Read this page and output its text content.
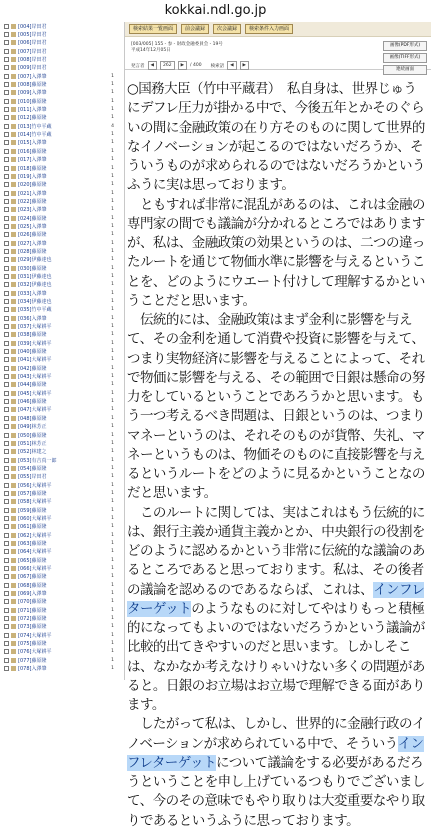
kokkai.ndl.go.jp
[004]岸田君
[005]岸田君
[006]岸田君
[007]岸田君
[008]岸田君
[009]岸田君
[007]入澤肇	1
[008]藤原隆	1
[009]入澤肇	1
[010]藤原隆	1
[011]入澤肇	1
[012]藤原隆	1
[013]竹中平蔵	4
[014]竹中平蔵	1
[015]入澤肇	1
[016]藤原隆	1
[017]入澤肇	1
[018]藤原隆	1
[019]入澤肇	1
[020]藤原隆	1
[021]入澤肇	1
[022]藤原隆	1
[023]入澤肇	1
[024]藤原隆	1
[025]入澤肇	1
[026]藤原隆	1
[027]入澤肇	1
[028]藤原隆	1
[029]伊藤達也	1
[030]藤原隆	1
[031]伊藤達也	1
[032]伊藤達也	1
[033]入澤肇	1
[034]伊藤達也	1
[035]竹中平蔵	1
[036]入澤肇	1
[037]大塚耕平	1
[038]藤原隆	1
[039]大塚耕平	1
[040]藤原隆	1
[041]大塚耕平	1
[042]藤原隆	1
[043]大塚耕平	1
[044]藤原隆	1
[045]大塚耕平	1
[046]藤原隆	1
[047]大塚耕平	1
[048]藤原隆	1
[049]林芳正	1
[050]藤原隆	1
[051]林芳正	1
[052]林建之	1
[053]有吉真一郎	1
[054]藤原隆	1
[055]岸田君	1
[056]大塚耕平	1
[057]藤原隆	1
[058]大塚耕平	1
[059]藤原隆	1
[060]大塚耕平	1
[061]藤原隆	1
[062]大塚耕平	1
[063]藤原隆	1
[064]大塚耕平	1
[065]藤原隆	1
[066]大塚耕平	1
[067]藤原隆	1
[068]藤原隆	1
[069]入澤肇	1
[070]藤原隆	1
[071]藤原隆	1
[072]藤原隆	1
[073]藤原隆	1
[074]大塚耕平	1
[075]藤原隆	1
[076]大塚耕平	1
[077]藤原隆	1
[078]入澤肇	1
検索結果一覧画面	前会議録	次会議録	検索条件入力画面
[003/005] 155 - 参 - 財政金融委員会 - 19号
平成14年12月05日
発言者	◀	262	▶	/ 400 検索語	◀	▶
画像(PDF形式)
画像(TIFF形式)
連続画面

○国務大臣（竹中平蔵君）　私自身は、世界じゅうにデフレ圧力が掛かる中で、今後五年とかそのぐらいの間に金融政策の在り方そのものに関して世界的なイノベーションが起こるのではないだろうか、そういうものが求められるのではないだろうかというふうに実は思っております。

　ともすれば非常に混乱があるのは、これは金融の専門家の間でも議論が分かれるところではありますが、私は、金融政策の効果というのは、二つの違ったルートを通じて物価水準に影響を与えるということを、どのようにウエート付けして理解するかということだと思います。

　伝統的には、金融政策はまず金利に影響を与えて、その金利を通して消費や投資に影響を与えて、つまり実物経済に影響を与えることによって、それで物価に影響を与える、その範囲で日銀は懸命の努力をしているということであろうかと思います。もう一つ考えるべき問題は、日銀というのは、つまりマネーというのは、それそのものが貨幣、失礼、マネーというものは、物価そのものに直接影響を与えるというルートをどのように見るかということなのだと思います。

　このルートに関しては、実はこれはもう伝統的には、銀行主義か通貨主義かとか、中央銀行の役割をどのように認めるかという非常に伝統的な議論のあるところであると思っております。私は、その後者の議論を認めるのであるならば、これは、インフレターゲットのようなものに対してやはりもっと積極的になってもよいのではないだろうかという議論が比較的出てきやすいのだと思います。しかしそこは、なかなか考えなけりゃいけない多くの問題があると。日銀のお立場はお立場で理解できる面があります。

　したがって私は、しかし、世界的に金融行政のイノベーションが求められている中で、そういうインフレターゲットについて議論をする必要があるだろうということを申し上げているつもりでございまして、今のその意味でもやり取りは大変重要なやり取りであるというふうに思っております。
